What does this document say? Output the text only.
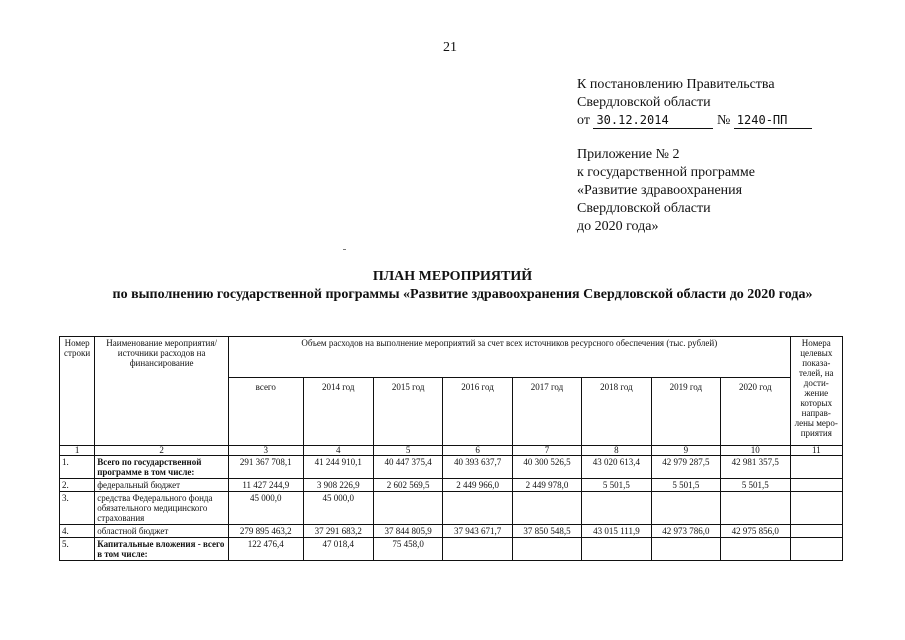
21
К постановлению Правительства
Свердловской области
от 30.12.2014	№ 1240-ПП
Приложение № 2
к государственной программе
«Развитие здравоохранения
Свердловской области
до 2020 года»
ПЛАН МЕРОПРИЯТИЙ
по выполнению государственной программы «Развитие здравоохранения Свердловской области до 2020 года»
Номер строки	Наименование мероприятия/источники расходов на финансирование	Объем расходов на выполнение мероприятий за счет всех источников ресурсного обеспечения (тыс. рублей)								Номера целевых показа-телей, на дости-жение которых направ-лены меро-приятия
		всего	2014 год	2015 год	2016 год	2017 год	2018 год	2019 год	2020 год	
1	2	3	4	5	6	7	8	9	10	11
1.	Всего по государственной программе в том числе:	291 367 708,1	41 244 910,1	40 447 375,4	40 393 637,7	40 300 526,5	43 020 613,4	42 979 287,5	42 981 357,5	
2.	федеральный бюджет	11 427 244,9	3 908 226,9	2 602 569,5	2 449 966,0	2 449 978,0	5 501,5	5 501,5	5 501,5	
3.	средства Федерального фонда обязательного медицинского страхования	45 000,0	45 000,0							
4.	областной бюджет	279 895 463,2	37 291 683,2	37 844 805,9	37 943 671,7	37 850 548,5	43 015 111,9	42 973 786,0	42 975 856,0	
5.	Капитальные вложения - всего в том числе:	122 476,4	47 018,4	75 458,0						
